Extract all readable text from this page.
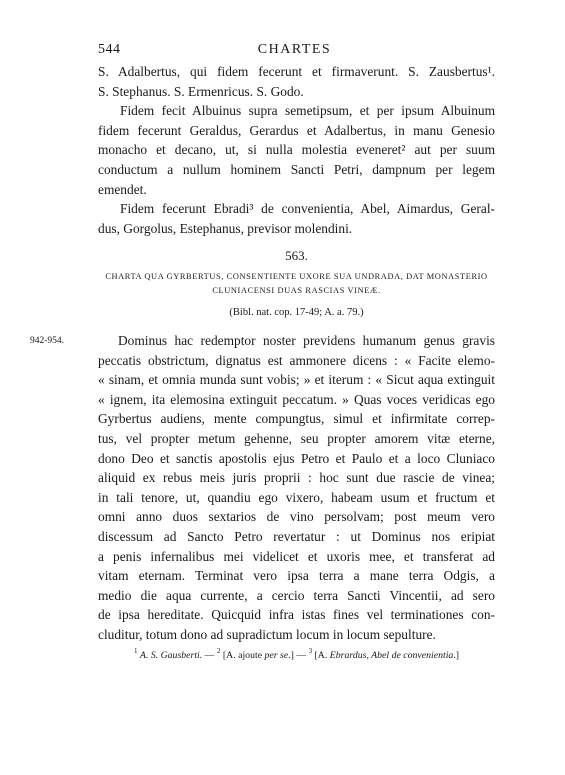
544	CHARTES
S. Adalbertus, qui fidem fecerunt et firmaverunt. S. Zausbertus¹.
S. Stephanus. S. Ermenricus. S. Godo.
Fidem fecit Albuinus supra semetipsum, et per ipsum Albuinum
fidem fecerunt Geraldus, Gerardus et Adalbertus, in manu Genesio
monacho et decano, ut, si nulla molestia eveneret² aut per suum
conductum a nullum hominem Sancti Petri, dampnum per legem
emendet.
Fidem fecerunt Ebradi³ de convenientia, Abel, Aimardus, Geral-
dus, Gorgolus, Estephanus, previsor molendini.
563.
CHARTA QUA GYRBERTUS, CONSENTIENTE UXORE SUA UNDRADA, DAT MONASTERIO
CLUNIACENSI DUAS RASCIAS VINEÆ.
(Bibl. nat. cop. 17-49; A. a. 79.)
942-954.	Dominus hac redemptor noster previdens humanum genus gravis
peccatis obstrictum, dignatus est ammonere dicens : « Facite elemo-
« sinam, et omnia munda sunt vobis; » et iterum : « Sicut aqua extinguit
« ignem, ita elemosina extinguit peccatum. » Quas voces veridicas ego
Gyrbertus audiens, mente compungtus, simul et infirmitate correp-
tus, vel propter metum gehenne, seu propter amorem vitæ eterne,
dono Deo et sanctis apostolis ejus Petro et Paulo et a loco Cluniaco
aliquid ex rebus meis juris proprii : hoc sunt due rascie de vinea;
in tali tenore, ut, quandiu ego vixero, habeam usum et fructum et
omni anno duos sextarios de vino persolvam; post meum vero
discessum ad Sancto Petro revertatur : ut Dominus nos eripiat
a penis infernalibus mei videlicet et uxoris mee, et transferat ad
vitam eternam. Terminat vero ipsa terra a mane terra Odgis, a
medio die aqua currente, a cercio terra Sancti Vincentii, ad sero
de ipsa hereditate. Quicquid infra istas fines vel terminationes con-
cluditur, totum dono ad supradictum locum in locum sepulture.
$^1$ A. S. Gausberti. — $^2$ [A. ajoute per se.] — $^3$ [A. Ebrardus, Abel de convenientia.]
